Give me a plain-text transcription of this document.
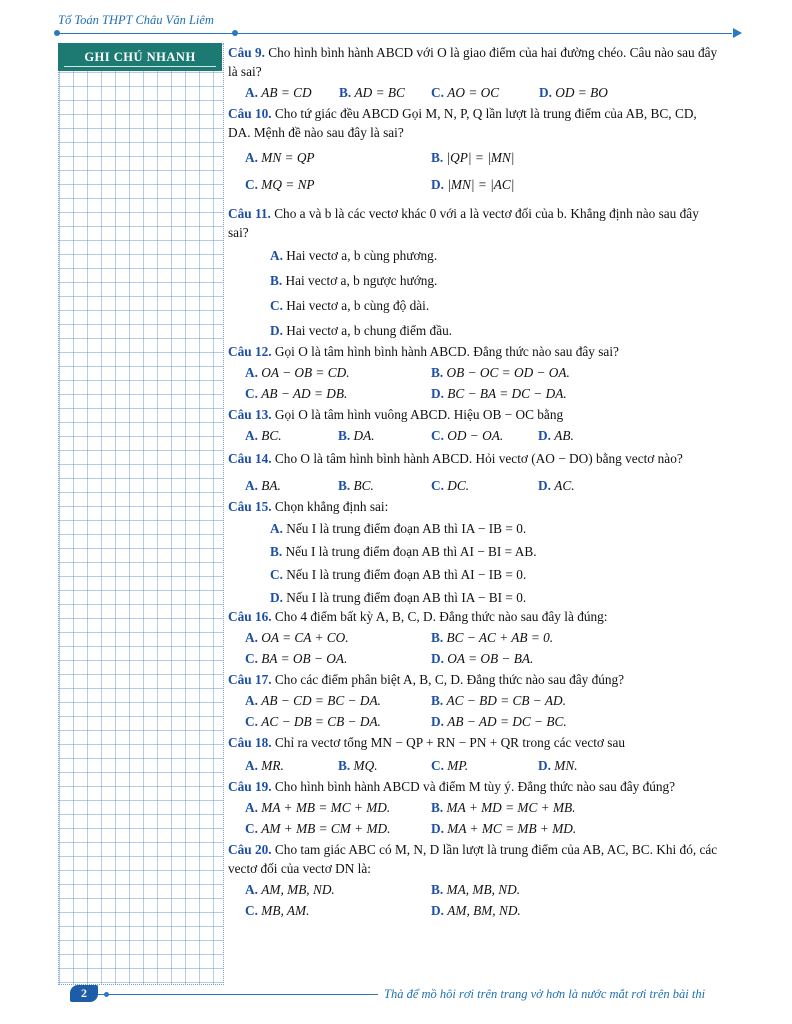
Tổ Toán THPT Châu Văn Liêm
GHI CHÚ NHANH	Câu 9. Cho hình bình hành ABCD với O là giao điểm của hai đường chéo. Câu nào sau đây là sai?
A. AB = CD	B. AD = BC	C. AO = OC	D. OD = BO
Câu 10. Cho tứ giác đều ABCD Gọi M, N, P, Q lần lượt là trung điểm của AB, BC, CD, DA. Mệnh đề nào sau đây là sai?
A. MN = QP	B. |QP| = |MN|
C. MQ = NP	D. |MN| = |AC|
Câu 11. Cho a và b là các vectơ khác 0 với a là vectơ đối của b. Khẳng định nào sau đây sai?
A. Hai vectơ a, b cùng phương.
B. Hai vectơ a, b ngược hướng.
C. Hai vectơ a, b cùng độ dài.
D. Hai vectơ a, b chung điểm đầu.
Câu 12. Gọi O là tâm hình bình hành ABCD. Đẳng thức nào sau đây sai?
A. OA − OB = CD.	B. OB − OC = OD − OA.
C. AB − AD = DB.	D. BC − BA = DC − DA.
Câu 13. Gọi O là tâm hình vuông ABCD. Hiệu OB − OC bằng
A. BC.	B. DA.	C. OD − OA.	D. AB.
Câu 14. Cho O là tâm hình bình hành ABCD. Hỏi vectơ (AO − DO) bằng vectơ nào?
A. BA.	B. BC.	C. DC.	D. AC.
Câu 15. Chọn khẳng định sai:
A. Nếu I là trung điểm đoạn AB thì IA − IB = 0.
B. Nếu I là trung điểm đoạn AB thì AI − BI = AB.
C. Nếu I là trung điểm đoạn AB thì AI − IB = 0.
D. Nếu I là trung điểm đoạn AB thì IA − BI = 0.
Câu 16. Cho 4 điểm bất kỳ A, B, C, D. Đẳng thức nào sau đây là đúng:
A. OA = CA + CO.	B. BC − AC + AB = 0.
C. BA = OB − OA.	D. OA = OB − BA.
Câu 17. Cho các điểm phân biệt A, B, C, D. Đẳng thức nào sau đây đúng?
A. AB − CD = BC − DA.	B. AC − BD = CB − AD.
C. AC − DB = CB − DA.	D. AB − AD = DC − BC.
Câu 18. Chỉ ra vectơ tổng MN − QP + RN − PN + QR trong các vectơ sau
A. MR.	B. MQ.	C. MP.	D. MN.
Câu 19. Cho hình bình hành ABCD và điểm M tùy ý. Đẳng thức nào sau đây đúng?
A. MA + MB = MC + MD.	B. MA + MD = MC + MB.
C. AM + MB = CM + MD.	D. MA + MC = MB + MD.
Câu 20. Cho tam giác ABC có M, N, D lần lượt là trung điểm của AB, AC, BC. Khi đó, các vectơ đối của vectơ DN là:
A. AM, MB, ND.	B. MA, MB, ND.
C. MB, AM.	D. AM, BM, ND.
2	Thà để mồ hôi rơi trên trang vở hơn là nước mắt rơi trên bài thi
